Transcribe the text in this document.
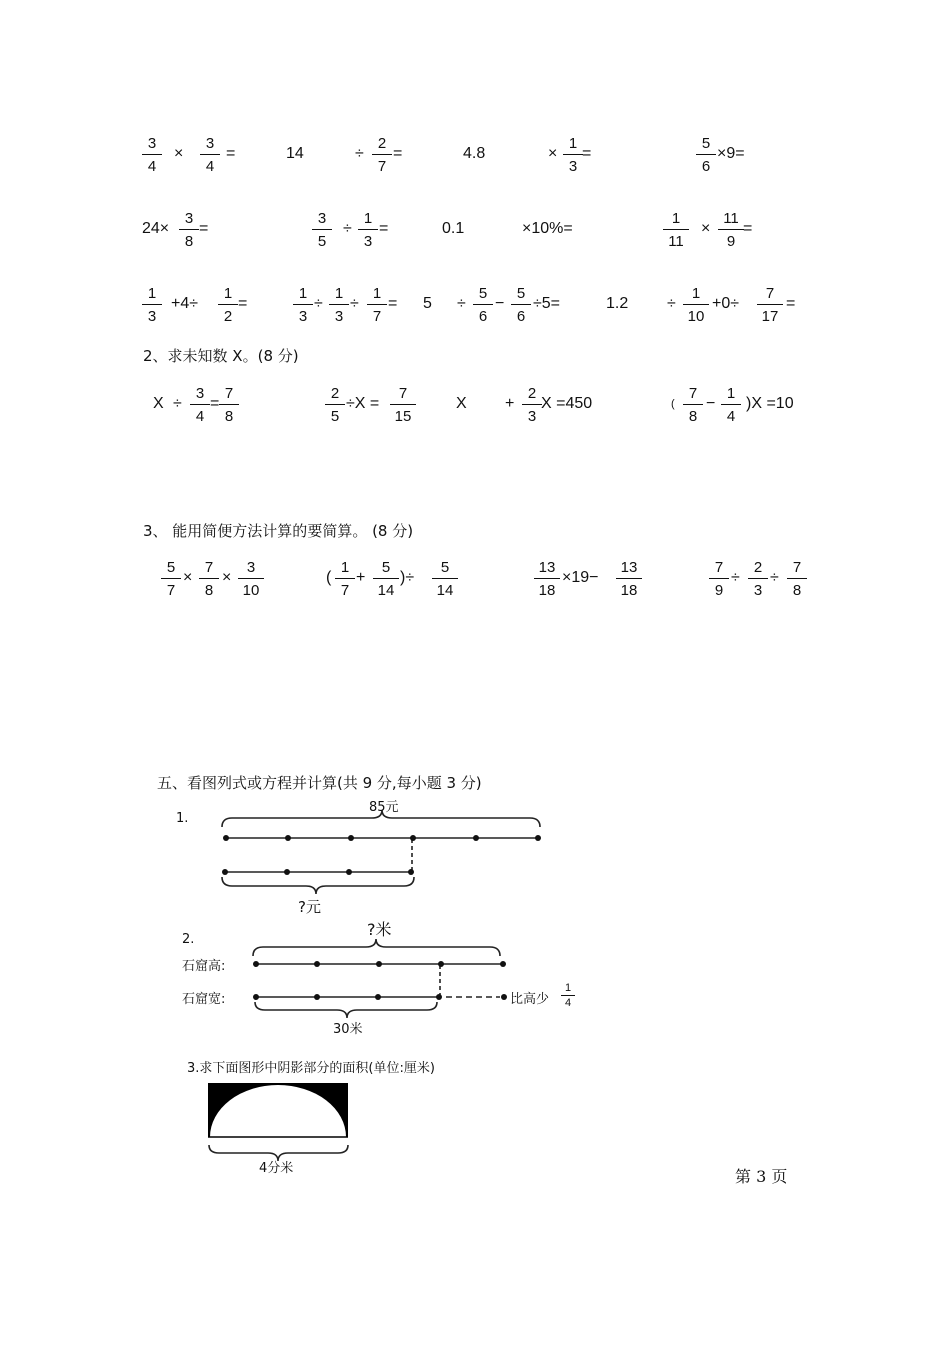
$\frac{3}{4} \times \frac{3}{4}$ =	14	÷ $\frac{2}{7}$ =	4.8	× $\frac{1}{3}$ =	$\frac{5}{6} \times 9=$
$24\times \frac{3}{8}$ =	$\frac{3}{5} \div \frac{1}{3}$ =	0.1	×10%=	$\frac{1}{11} \times \frac{11}{9}$ =
$\frac{1}{3} +4\div \frac{1}{2}$ =	$\frac{1}{3} \div \frac{1}{3} \div \frac{1}{7} = 5 \div \frac{5}{6} - \frac{5}{6} \div 5=$	$1.2 \div \frac{1}{10} +0\div \frac{7}{17}$ =
2、求未知数 X。(8 分)
$X \div \frac{3}{4} = \frac{7}{8}$	$\frac{2}{5} \div X = \frac{7}{15}$	$X + \frac{2}{3}$ X =450	( $\frac{7}{8} - \frac{1}{4} )X =10$
3、 能用简便方法计算的要简算。 (8 分)
$\frac{5}{7} \times \frac{7}{8} \times \frac{3}{10}$	( $\frac{1}{7} + \frac{5}{14}$ )÷ $\frac{5}{14}$	$\frac{13}{18} \times 19- \frac{13}{18}$	$\frac{7}{9} \div \frac{2}{3} \div \frac{7}{8}$
五、看图列式或方程并计算(共 9 分,每小题 3 分)
1.
85元
?元
2.
?米
石窟高:
石窟宽:
30米
比高少 $\frac{1}{4}$
3.求下面图形中阴影部分的面积(单位:厘米)
4分米	第 3 页
